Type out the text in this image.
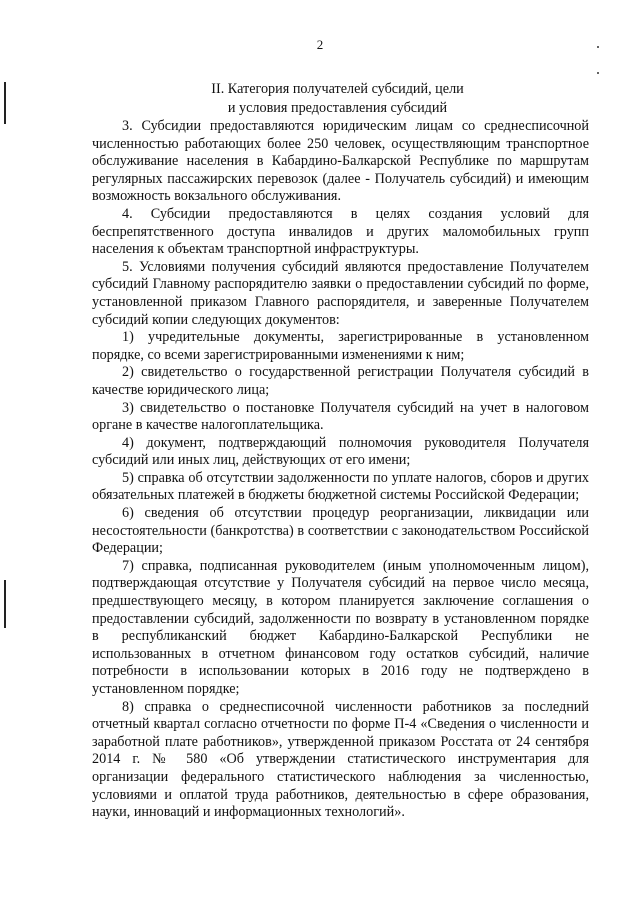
2
II. Категория получателей субсидий, цели
и условия предоставления субсидий

3. Субсидии предоставляются юридическим лицам со среднесписочной численностью работающих более 250 человек, осуществляющим транспортное обслуживание населения в Кабардино-Балкарской Республике по маршрутам регулярных пассажирских перевозок (далее - Получатель субсидий) и имеющим возможность вокзального обслуживания.

4. Субсидии предоставляются в целях создания условий для беспрепятственного доступа инвалидов и других маломобильных групп населения к объектам транспортной инфраструктуры.

5. Условиями получения субсидий являются предоставление Получателем субсидий Главному распорядителю заявки о предоставлении субсидий по форме, установленной приказом Главного распорядителя, и заверенные Получателем субсидий копии следующих документов:

1) учредительные документы, зарегистрированные в установленном порядке, со всеми зарегистрированными изменениями к ним;

2) свидетельство о государственной регистрации Получателя субсидий в качестве юридического лица;

3) свидетельство о постановке Получателя субсидий на учет в налоговом органе в качестве налогоплательщика.

4) документ, подтверждающий полномочия руководителя Получателя субсидий или иных лиц, действующих от его имени;

5) справка об отсутствии задолженности по уплате налогов, сборов и других обязательных платежей в бюджеты бюджетной системы Российской Федерации;

6) сведения об отсутствии процедур реорганизации, ликвидации или несостоятельности (банкротства) в соответствии с законодательством Российской Федерации;

7) справка, подписанная руководителем (иным уполномоченным лицом), подтверждающая отсутствие у Получателя субсидий на первое число месяца, предшествующего месяцу, в котором планируется заключение соглашения о предоставлении субсидий, задолженности по возврату в установленном порядке в республиканский бюджет Кабардино-Балкарской Республики не использованных в отчетном финансовом году остатков субсидий, наличие потребности в использовании которых в 2016 году не подтверждено в установленном порядке;

8) справка о среднесписочной численности работников за последний отчетный квартал согласно отчетности по форме П-4 «Сведения о численности и заработной плате работников», утвержденной приказом Росстата от 24 сентября 2014 г. № 580 «Об утверждении статистического инструментария для организации федерального статистического наблюдения за численностью, условиями и оплатой труда работников, деятельностью в сфере образования, науки, инноваций и информационных технологий».
